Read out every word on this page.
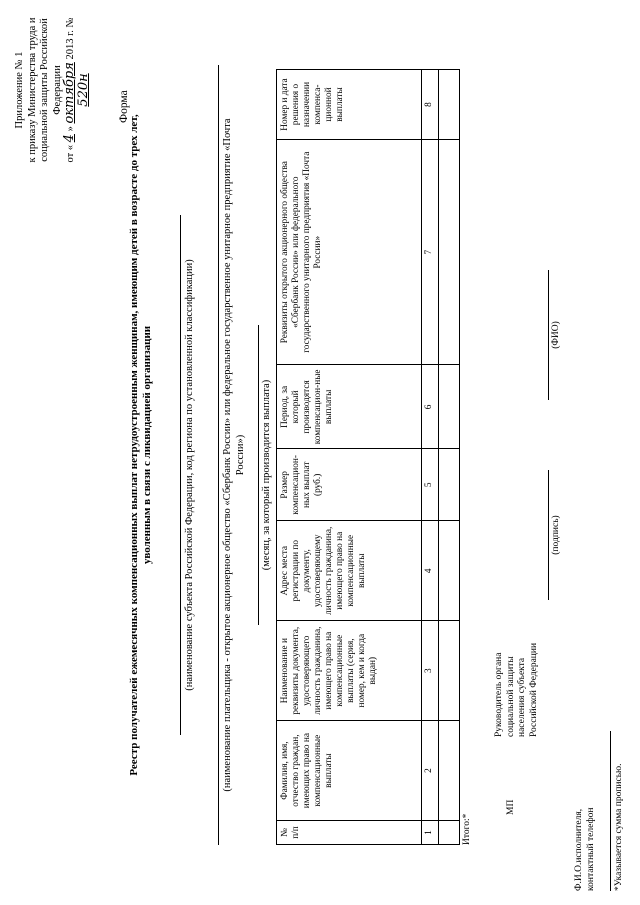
Приложение № 1 к приказу Министерства труда и социальной защиты Российской Федерации
от « 4 » октября 2013 г. № 520н Форма
Реестр получателей ежемесячных компенсационных выплат нетрудоустроенным женщинам, имеющим детей в возрасте до трех лет, уволенным в связи с ликвидацией организации	(наименование субъекта Российской Федерации, код региона по установленной классификации)	(наименование плательщика - открытое акционерное общество «Сбербанк России» или федеральное государственное унитарное предприятие «Почта России») (месяц, за который производится выплата)
№ п/п	Фамилия, имя, отчество граждан, имеющих право на компенсационные выплаты	Наименование и реквизиты документа, удостоверяющего личность гражданина, имеющего право на компенсационные выплаты (серия, номер, кем и когда выдан)	Адрес места регистрации по документу, удостоверяющему личность гражданина, имеющего право на компенсационные выплаты	Размер компенсацион-ных выплат (руб.)	Период, за который производятся компенсацион-ные выплаты	Реквизиты открытого акционерного общества «Сбербанк России» или федерального государственного унитарного предприятия «Почта России»	Номер и дата решения о назначении компенса-ционной выплаты
1	2	3	4	5	6	7	8

Итого:*
МП
Руководитель органа социальной защиты населения субъекта Российской Федерации
(подпись)
(ФИО)
Ф.И.О.исполнителя, контактный телефон *Указывается сумма прописью.
